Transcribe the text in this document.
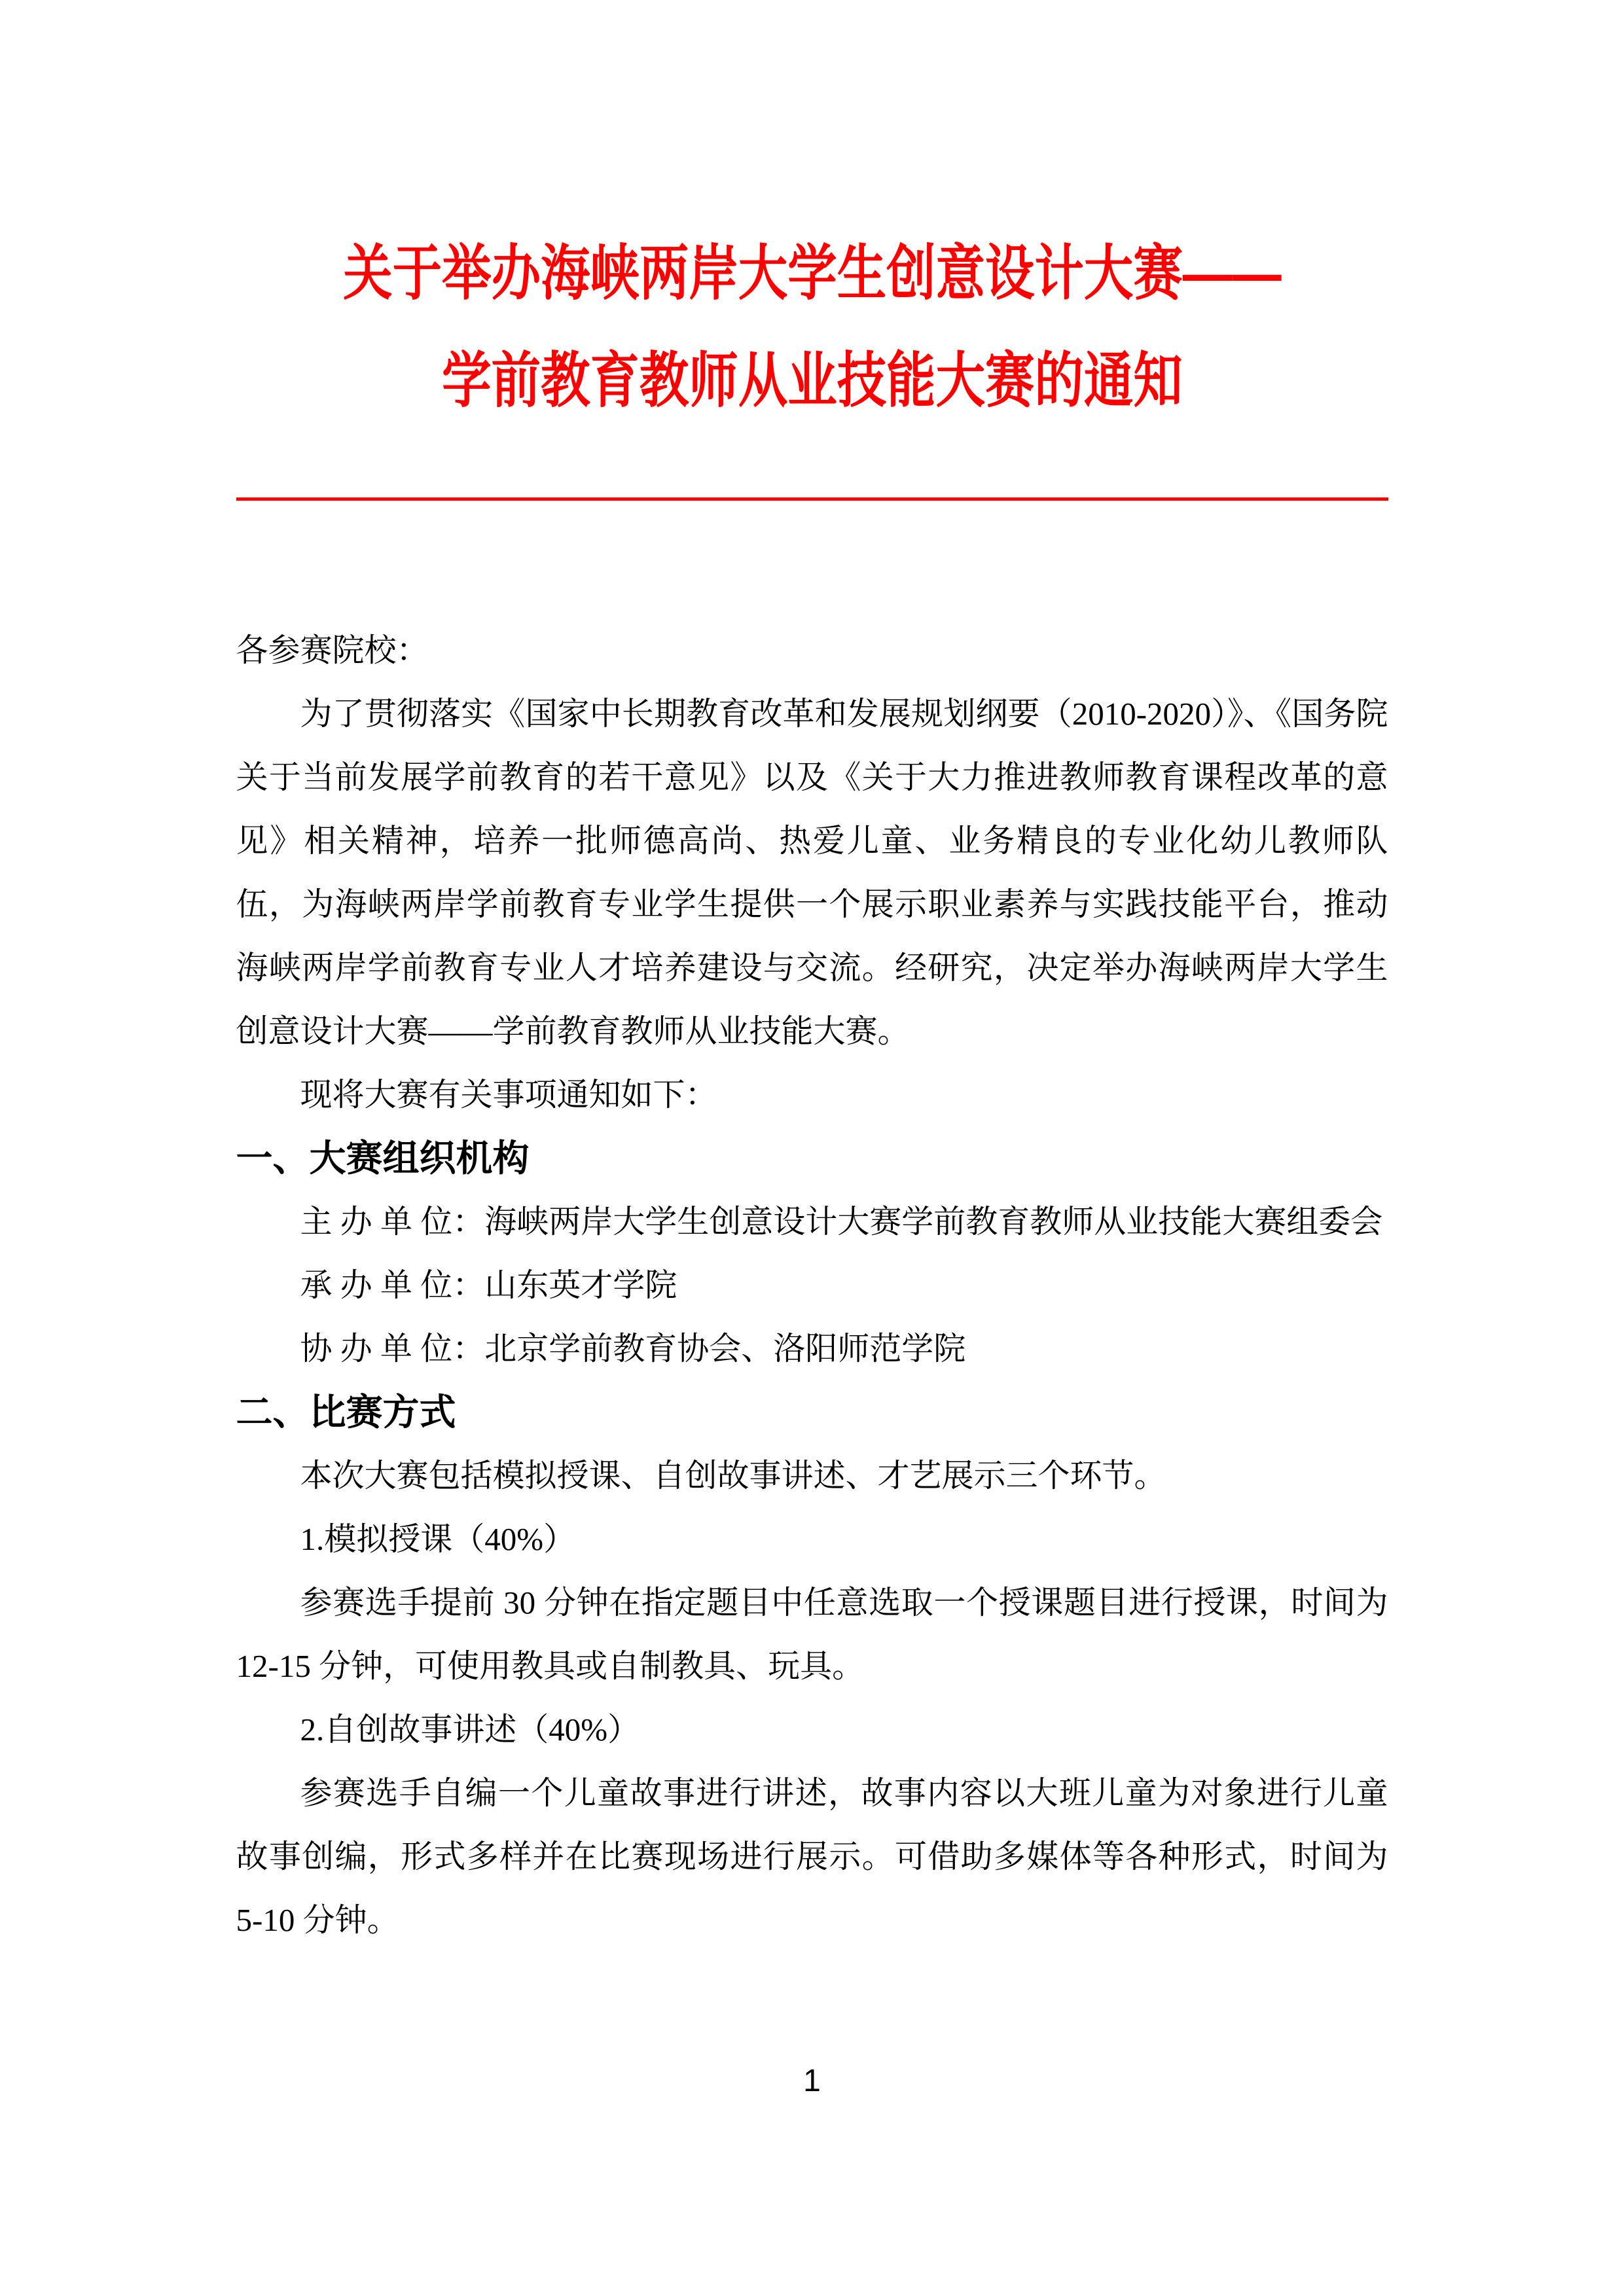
关于举办海峡两岸大学生创意设计大赛——
学前教育教师从业技能大赛的通知

各参赛院校：

为了贯彻落实《国家中长期教育改革和发展规划纲要（2010-2020）》、《国务院关于当前发展学前教育的若干意见》以及《关于大力推进教师教育课程改革的意见》相关精神，培养一批师德高尚、热爱儿童、业务精良的专业化幼儿教师队伍，为海峡两岸学前教育专业学生提供一个展示职业素养与实践技能平台，推动海峡两岸学前教育专业人才培养建设与交流。经研究，决定举办海峡两岸大学生创意设计大赛——学前教育教师从业技能大赛。

现将大赛有关事项通知如下：

一、大赛组织机构

主 办 单 位：海峡两岸大学生创意设计大赛学前教育教师从业技能大赛组委会

承 办 单 位：山东英才学院

协 办 单 位：北京学前教育协会、洛阳师范学院

二、比赛方式

本次大赛包括模拟授课、自创故事讲述、才艺展示三个环节。

1.模拟授课（40%）

参赛选手提前 30 分钟在指定题目中任意选取一个授课题目进行授课，时间为 12-15 分钟，可使用教具或自制教具、玩具。

2.自创故事讲述（40%）

参赛选手自编一个儿童故事进行讲述，故事内容以大班儿童为对象进行儿童故事创编，形式多样并在比赛现场进行展示。可借助多媒体等各种形式，时间为 5-10 分钟。

1
